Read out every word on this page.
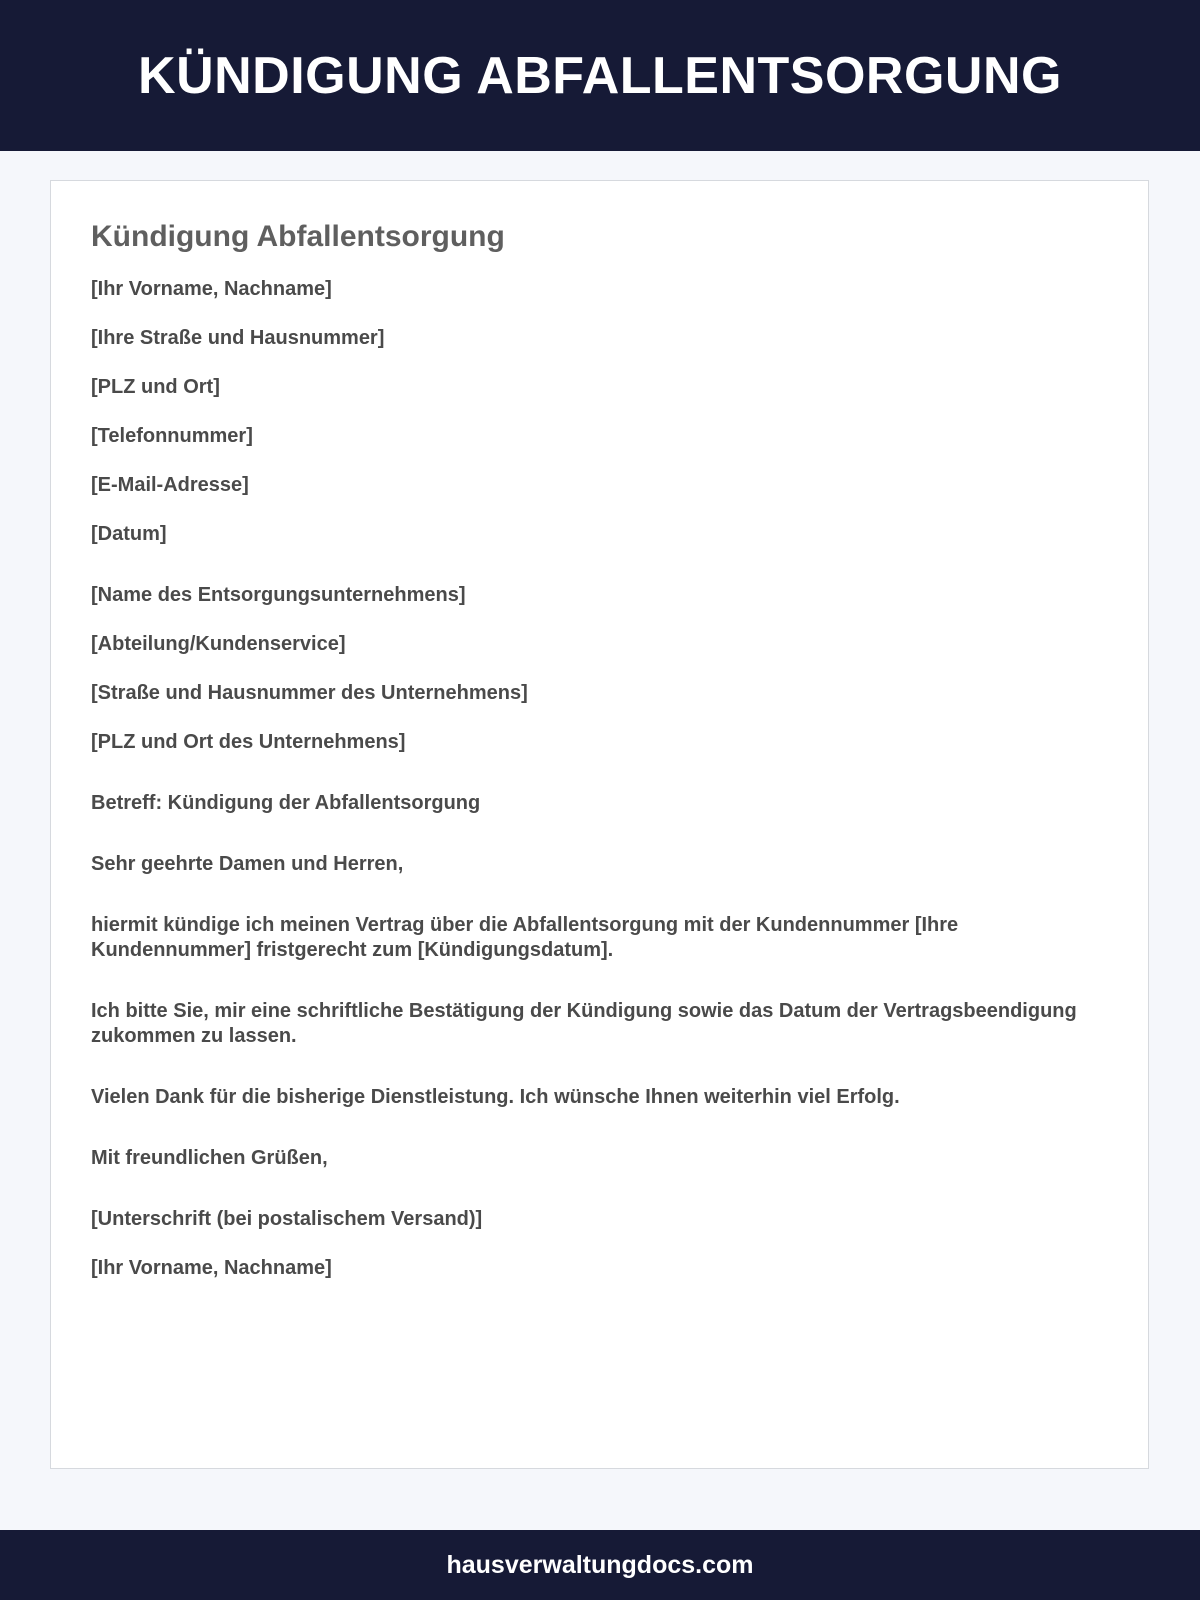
KÜNDIGUNG ABFALLENTSORGUNG
Kündigung Abfallentsorgung

[Ihr Vorname, Nachname]

[Ihre Straße und Hausnummer]

[PLZ und Ort]

[Telefonnummer]

[E-Mail-Adresse]

[Datum]

[Name des Entsorgungsunternehmens]

[Abteilung/Kundenservice]

[Straße und Hausnummer des Unternehmens]

[PLZ und Ort des Unternehmens]

Betreff: Kündigung der Abfallentsorgung

Sehr geehrte Damen und Herren,

hiermit kündige ich meinen Vertrag über die Abfallentsorgung mit der Kundennummer [Ihre Kundennummer] fristgerecht zum [Kündigungsdatum].

Ich bitte Sie, mir eine schriftliche Bestätigung der Kündigung sowie das Datum der Vertragsbeendigung zukommen zu lassen.

Vielen Dank für die bisherige Dienstleistung. Ich wünsche Ihnen weiterhin viel Erfolg.

Mit freundlichen Grüßen,

[Unterschrift (bei postalischem Versand)]

[Ihr Vorname, Nachname]

hausverwaltungdocs.com
